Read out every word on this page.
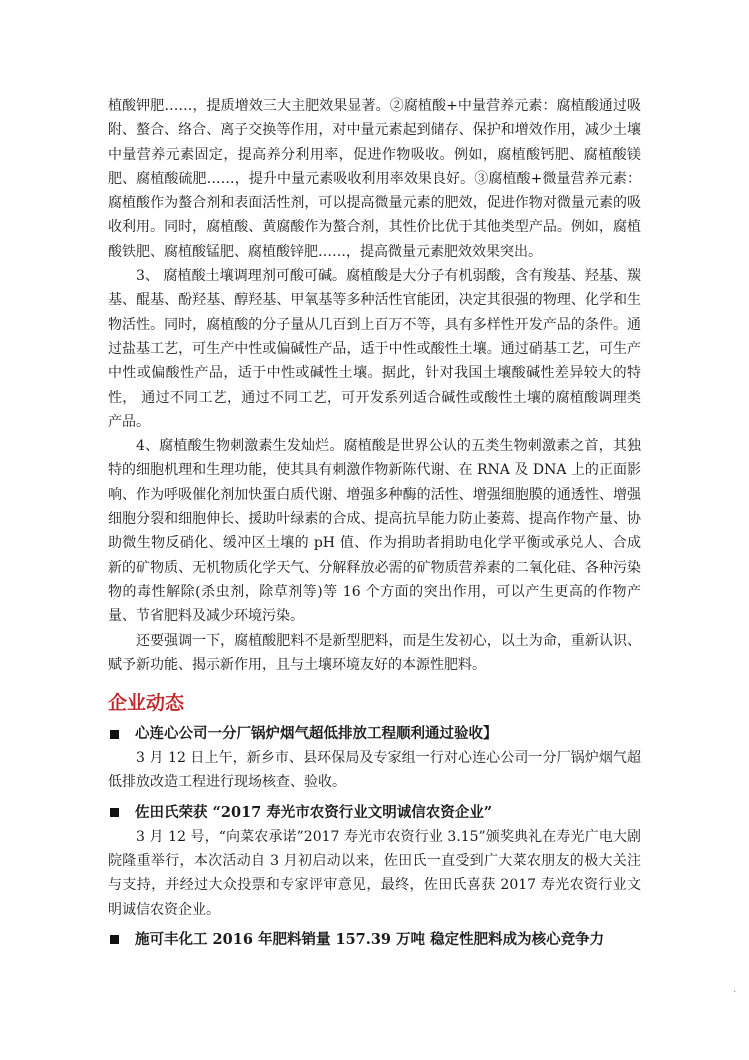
植酸钾肥……，提质增效三大主肥效果显著。②腐植酸+中量营养元素：腐植酸通过吸附、螯合、络合、离子交换等作用，对中量元素起到储存、保护和增效作用，减少土壤中量营养元素固定，提高养分利用率，促进作物吸收。例如，腐植酸钙肥、腐植酸镁肥、腐植酸硫肥……，提升中量元素吸收利用率效果良好。③腐植酸+微量营养元素：腐植酸作为螯合剂和表面活性剂，可以提高微量元素的肥效，促进作物对微量元素的吸收利用。同时，腐植酸、黄腐酸作为螯合剂，其性价比优于其他类型产品。例如，腐植酸铁肥、腐植酸锰肥、腐植酸锌肥……，提高微量元素肥效效果突出。

3、 腐植酸土壤调理剂可酸可碱。腐植酸是大分子有机弱酸，含有羧基、羟基、羰基、醌基、酚羟基、醇羟基、甲氧基等多种活性官能团，决定其很强的物理、化学和生物活性。同时，腐植酸的分子量从几百到上百万不等，具有多样性开发产品的条件。通过盐基工艺，可生产中性或偏碱性产品，适于中性或酸性土壤。通过硝基工艺，可生产中性或偏酸性产品，适于中性或碱性土壤。据此，针对我国土壤酸碱性差异较大的特性， 通过不同工艺，通过不同工艺，可开发系列适合碱性或酸性土壤的腐植酸调理类产品。

4、腐植酸生物刺激素生发灿烂。腐植酸是世界公认的五类生物刺激素之首，其独特的细胞机理和生理功能，使其具有刺激作物新陈代谢、在 RNA 及 DNA 上的正面影响、作为呼吸催化剂加快蛋白质代谢、增强多种酶的活性、增强细胞膜的通透性、增强细胞分裂和细胞伸长、援助叶绿素的合成、提高抗旱能力防止萎蔫、提高作物产量、协助微生物反硝化、缓冲区土壤的 pH 值、作为捐助者捐助电化学平衡或承兑人、合成新的矿物质、无机物质化学天气、分解释放必需的矿物质营养素的二氧化硅、各种污染物的毒性解除(杀虫剂，除草剂等)等 16 个方面的突出作用，可以产生更高的作物产量、节省肥料及减少环境污染。

还要强调一下，腐植酸肥料不是新型肥料，而是生发初心，以土为命，重新认识、赋予新功能、揭示新作用，且与土壤环境友好的本源性肥料。

企业动态

心连心公司一分厂锅炉烟气超低排放工程顺利通过验收】

3 月 12 日上午，新乡市、县环保局及专家组一行对心连心公司一分厂锅炉烟气超低排放改造工程进行现场核查、验收。

佐田氏荣获 “2017 寿光市农资行业文明诚信农资企业”

3 月 12 号，“向菜农承诺”2017 寿光市农资行业 3.15”颁奖典礼在寿光广电大剧院隆重举行，本次活动自 3 月初启动以来，佐田氏一直受到广大菜农朋友的极大关注与支持，并经过大众投票和专家评审意见，最终，佐田氏喜获 2017 寿光农资行业文明诚信农资企业。

施可丰化工 2016 年肥料销量 157.39 万吨 稳定性肥料成为核心竞争力

.
